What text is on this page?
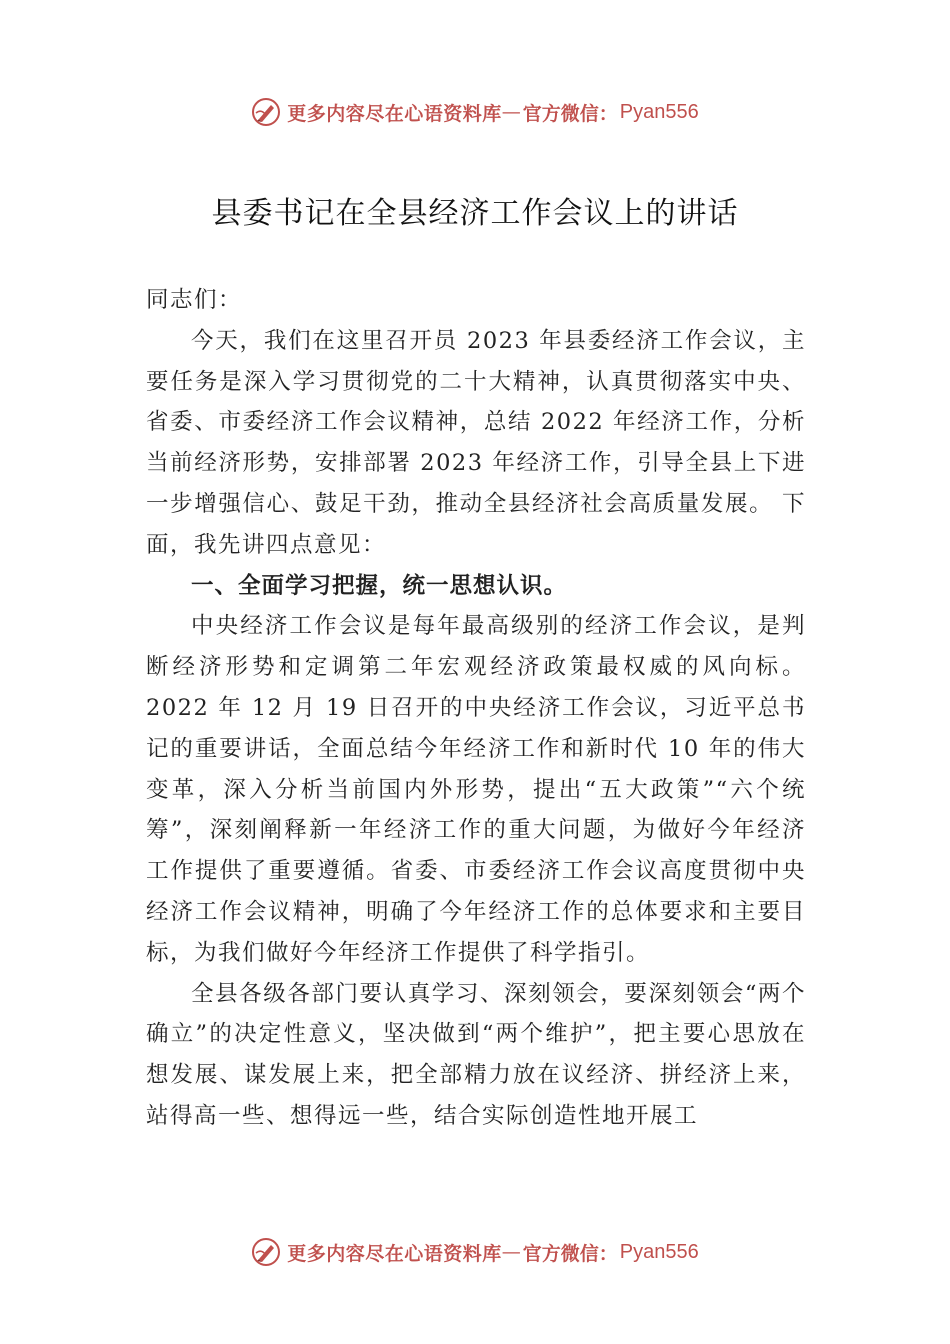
更多内容尽在心语资料库 — 官方微信： Pyan556
县委书记在全县经济工作会议上的讲话

同志们：

今天，我们在这里召开员 2023 年县委经济工作会议，主要任务是深入学习贯彻党的二十大精神，认真贯彻落实中央、省委、市委经济工作会议精神，总结 2022 年经济工作，分析当前经济形势，安排部署 2023 年经济工作，引导全县上下进一步增强信心、鼓足干劲，推动全县经济社会高质量发展。 下面，我先讲四点意见：

一、全面学习把握，统一思想认识。

中央经济工作会议是每年最高级别的经济工作会议，是判断经济形势和定调第二年宏观经济政策最权威的风向标。2022 年 12 月 19 日召开的中央经济工作会议，习近平总书记的重要讲话，全面总结今年经济工作和新时代 10 年的伟大变革，深入分析当前国内外形势，提出“五大政策”“六个统筹”，深刻阐释新一年经济工作的重大问题，为做好今年经济工作提供了重要遵循。省委、市委经济工作会议高度贯彻中央经济工作会议精神，明确了今年经济工作的总体要求和主要目标，为我们做好今年经济工作提供了科学指引。

全县各级各部门要认真学习、深刻领会，要深刻领会“两个确立”的决定性意义，坚决做到“两个维护”，把主要心思放在想发展、谋发展上来，把全部精力放在议经济、拼经济上来，站得高一些、想得远一些，结合实际创造性地开展工

更多内容尽在心语资料库 — 官方微信： Pyan556
